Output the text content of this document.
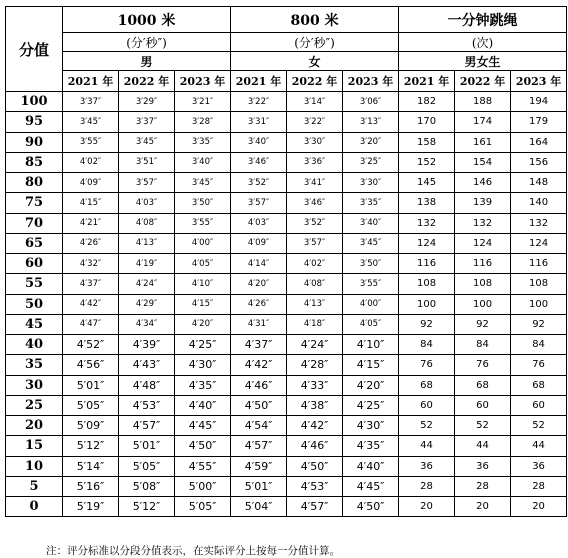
分值	1000 米			800 米			一分钟跳绳		
	(分′秒″)			(分′秒″)			(次)		
	男			女			男女生		
	2021 年	2022 年	2023 年	2021 年	2022 年	2023 年	2021 年	2022 年	2023 年
100	3′37″	3′29″	3′21″	3′22″	3′14″	3′06″	182	188	194
95	3′45″	3′37″	3′28″	3′31″	3′22″	3′13″	170	174	179
90	3′55″	3′45″	3′35″	3′40″	3′30″	3′20″	158	161	164
85	4′02″	3′51″	3′40″	3′46″	3′36″	3′25″	152	154	156
80	4′09″	3′57″	3′45″	3′52″	3′41″	3′30″	145	146	148
75	4′15″	4′03″	3′50″	3′57″	3′46″	3′35″	138	139	140
70	4′21″	4′08″	3′55″	4′03″	3′52″	3′40″	132	132	132
65	4′26″	4′13″	4′00″	4′09″	3′57″	3′45″	124	124	124
60	4′32″	4′19″	4′05″	4′14″	4′02″	3′50″	116	116	116
55	4′37″	4′24″	4′10″	4′20″	4′08″	3′55″	108	108	108
50	4′42″	4′29″	4′15″	4′26″	4′13″	4′00″	100	100	100
45	4′47″	4′34″	4′20″	4′31″	4′18″	4′05″	92	92	92
40	4′52″	4′39″	4′25″	4′37″	4′24″	4′10″	84	84	84
35	4′56″	4′43″	4′30″	4′42″	4′28″	4′15″	76	76	76
30	5′01″	4′48″	4′35″	4′46″	4′33″	4′20″	68	68	68
25	5′05″	4′53″	4′40″	4′50″	4′38″	4′25″	60	60	60
20	5′09″	4′57″	4′45″	4′54″	4′42″	4′30″	52	52	52
15	5′12″	5′01″	4′50″	4′57″	4′46″	4′35″	44	44	44
10	5′14″	5′05″	4′55″	4′59″	4′50″	4′40″	36	36	36
5	5′16″	5′08″	5′00″	5′01″	4′53″	4′45″	28	28	28
0	5′19″	5′12″	5′05″	5′04″	4′57″	4′50″	20	20	20
注：评分标准以分段分值表示，在实际评分上按每一分值计算。
